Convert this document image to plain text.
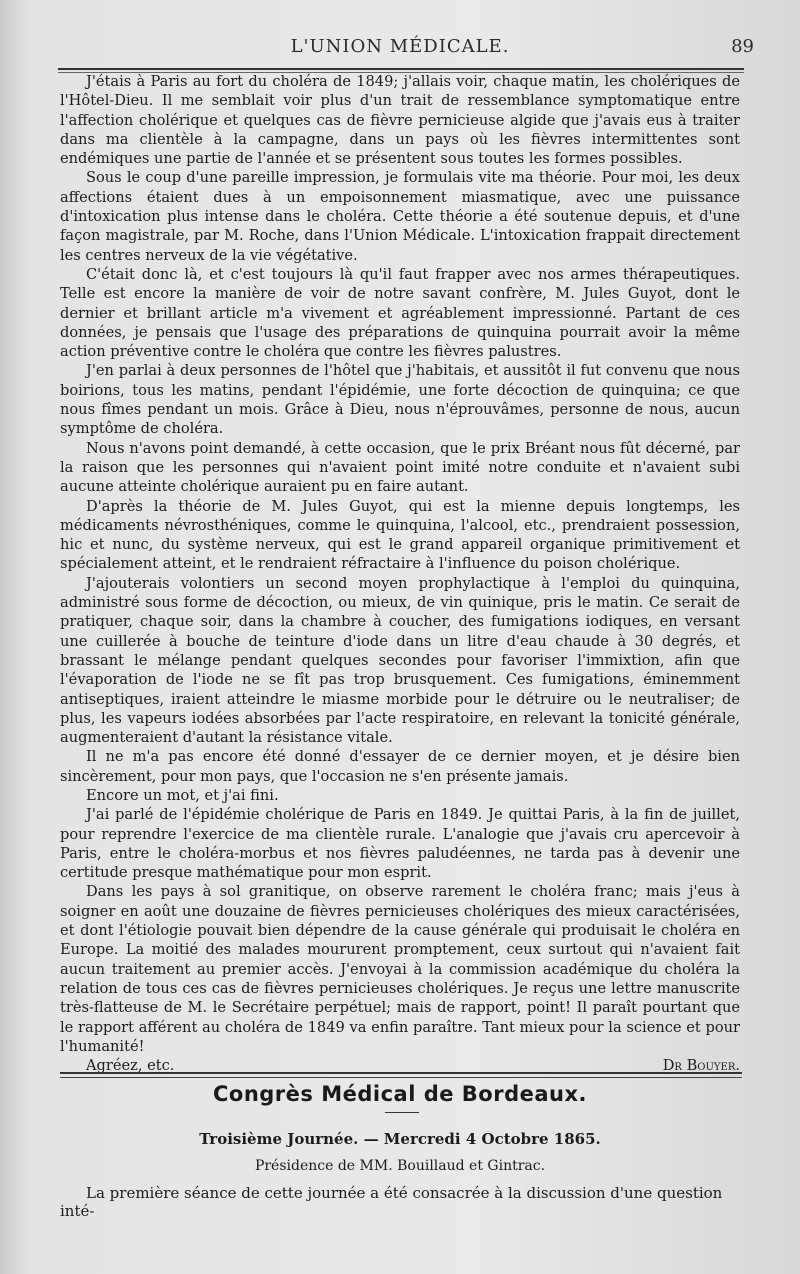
L'UNION MÉDICALE.	89

J'étais à Paris au fort du choléra de 1849; j'allais voir, chaque matin, les cholériques de l'Hôtel-Dieu. Il me semblait voir plus d'un trait de ressemblance symptomatique entre l'affection cholérique et quelques cas de fièvre pernicieuse algide que j'avais eus à traiter dans ma clientèle à la campagne, dans un pays où les fièvres intermittentes sont endémiques une partie de l'année et se présentent sous toutes les formes possibles.

Sous le coup d'une pareille impression, je formulais vite ma théorie. Pour moi, les deux affections étaient dues à un empoisonnement miasmatique, avec une puissance d'intoxication plus intense dans le choléra. Cette théorie a été soutenue depuis, et d'une façon magistrale, par M. Roche, dans l'Union Médicale. L'intoxication frappait directement les centres nerveux de la vie végétative.

C'était donc là, et c'est toujours là qu'il faut frapper avec nos armes thérapeutiques. Telle est encore la manière de voir de notre savant confrère, M. Jules Guyot, dont le dernier et brillant article m'a vivement et agréablement impressionné. Partant de ces données, je pensais que l'usage des préparations de quinquina pourrait avoir la même action préventive contre le choléra que contre les fièvres palustres.

J'en parlai à deux personnes de l'hôtel que j'habitais, et aussitôt il fut convenu que nous boirions, tous les matins, pendant l'épidémie, une forte décoction de quinquina; ce que nous fîmes pendant un mois. Grâce à Dieu, nous n'éprouvâmes, personne de nous, aucun symptôme de choléra.

Nous n'avons point demandé, à cette occasion, que le prix Bréant nous fût décerné, par la raison que les personnes qui n'avaient point imité notre conduite et n'avaient subi aucune atteinte cholérique auraient pu en faire autant.

D'après la théorie de M. Jules Guyot, qui est la mienne depuis longtemps, les médicaments névrosthéniques, comme le quinquina, l'alcool, etc., prendraient possession, hic et nunc, du système nerveux, qui est le grand appareil organique primitivement et spécialement atteint, et le rendraient réfractaire à l'influence du poison cholérique.

J'ajouterais volontiers un second moyen prophylactique à l'emploi du quinquina, administré sous forme de décoction, ou mieux, de vin quinique, pris le matin. Ce serait de pratiquer, chaque soir, dans la chambre à coucher, des fumigations iodiques, en versant une cuillerée à bouche de teinture d'iode dans un litre d'eau chaude à 30 degrés, et brassant le mélange pendant quelques secondes pour favoriser l'immixtion, afin que l'évaporation de l'iode ne se fît pas trop brusquement. Ces fumigations, éminemment antiseptiques, iraient atteindre le miasme morbide pour le détruire ou le neutraliser; de plus, les vapeurs iodées absorbées par l'acte respiratoire, en relevant la tonicité générale, augmenteraient d'autant la résistance vitale.

Il ne m'a pas encore été donné d'essayer de ce dernier moyen, et je désire bien sincèrement, pour mon pays, que l'occasion ne s'en présente jamais.

Encore un mot, et j'ai fini.

J'ai parlé de l'épidémie cholérique de Paris en 1849. Je quittai Paris, à la fin de juillet, pour reprendre l'exercice de ma clientèle rurale. L'analogie que j'avais cru apercevoir à Paris, entre le choléra-morbus et nos fièvres paludéennes, ne tarda pas à devenir une certitude presque mathématique pour mon esprit.

Dans les pays à sol granitique, on observe rarement le choléra franc; mais j'eus à soigner en août une douzaine de fièvres pernicieuses cholériques des mieux caractérisées, et dont l'étiologie pouvait bien dépendre de la cause générale qui produisait le choléra en Europe. La moitié des malades moururent promptement, ceux surtout qui n'avaient fait aucun traitement au premier accès. J'envoyai à la commission académique du choléra la relation de tous ces cas de fièvres pernicieuses cholériques. Je reçus une lettre manuscrite très-flatteuse de M. le Secrétaire perpétuel; mais de rapport, point! Il paraît pourtant que le rapport afférent au choléra de 1849 va enfin paraître. Tant mieux pour la science et pour l'humanité!

Agréez, etc.	Dr Bouyer.

Congrès Médical de Bordeaux.
Troisième Journée. — Mercredi 4 Octobre 1865.
Présidence de MM. Bouillaud et Gintrac.
La première séance de cette journée a été consacrée à la discussion d'une question inté-
